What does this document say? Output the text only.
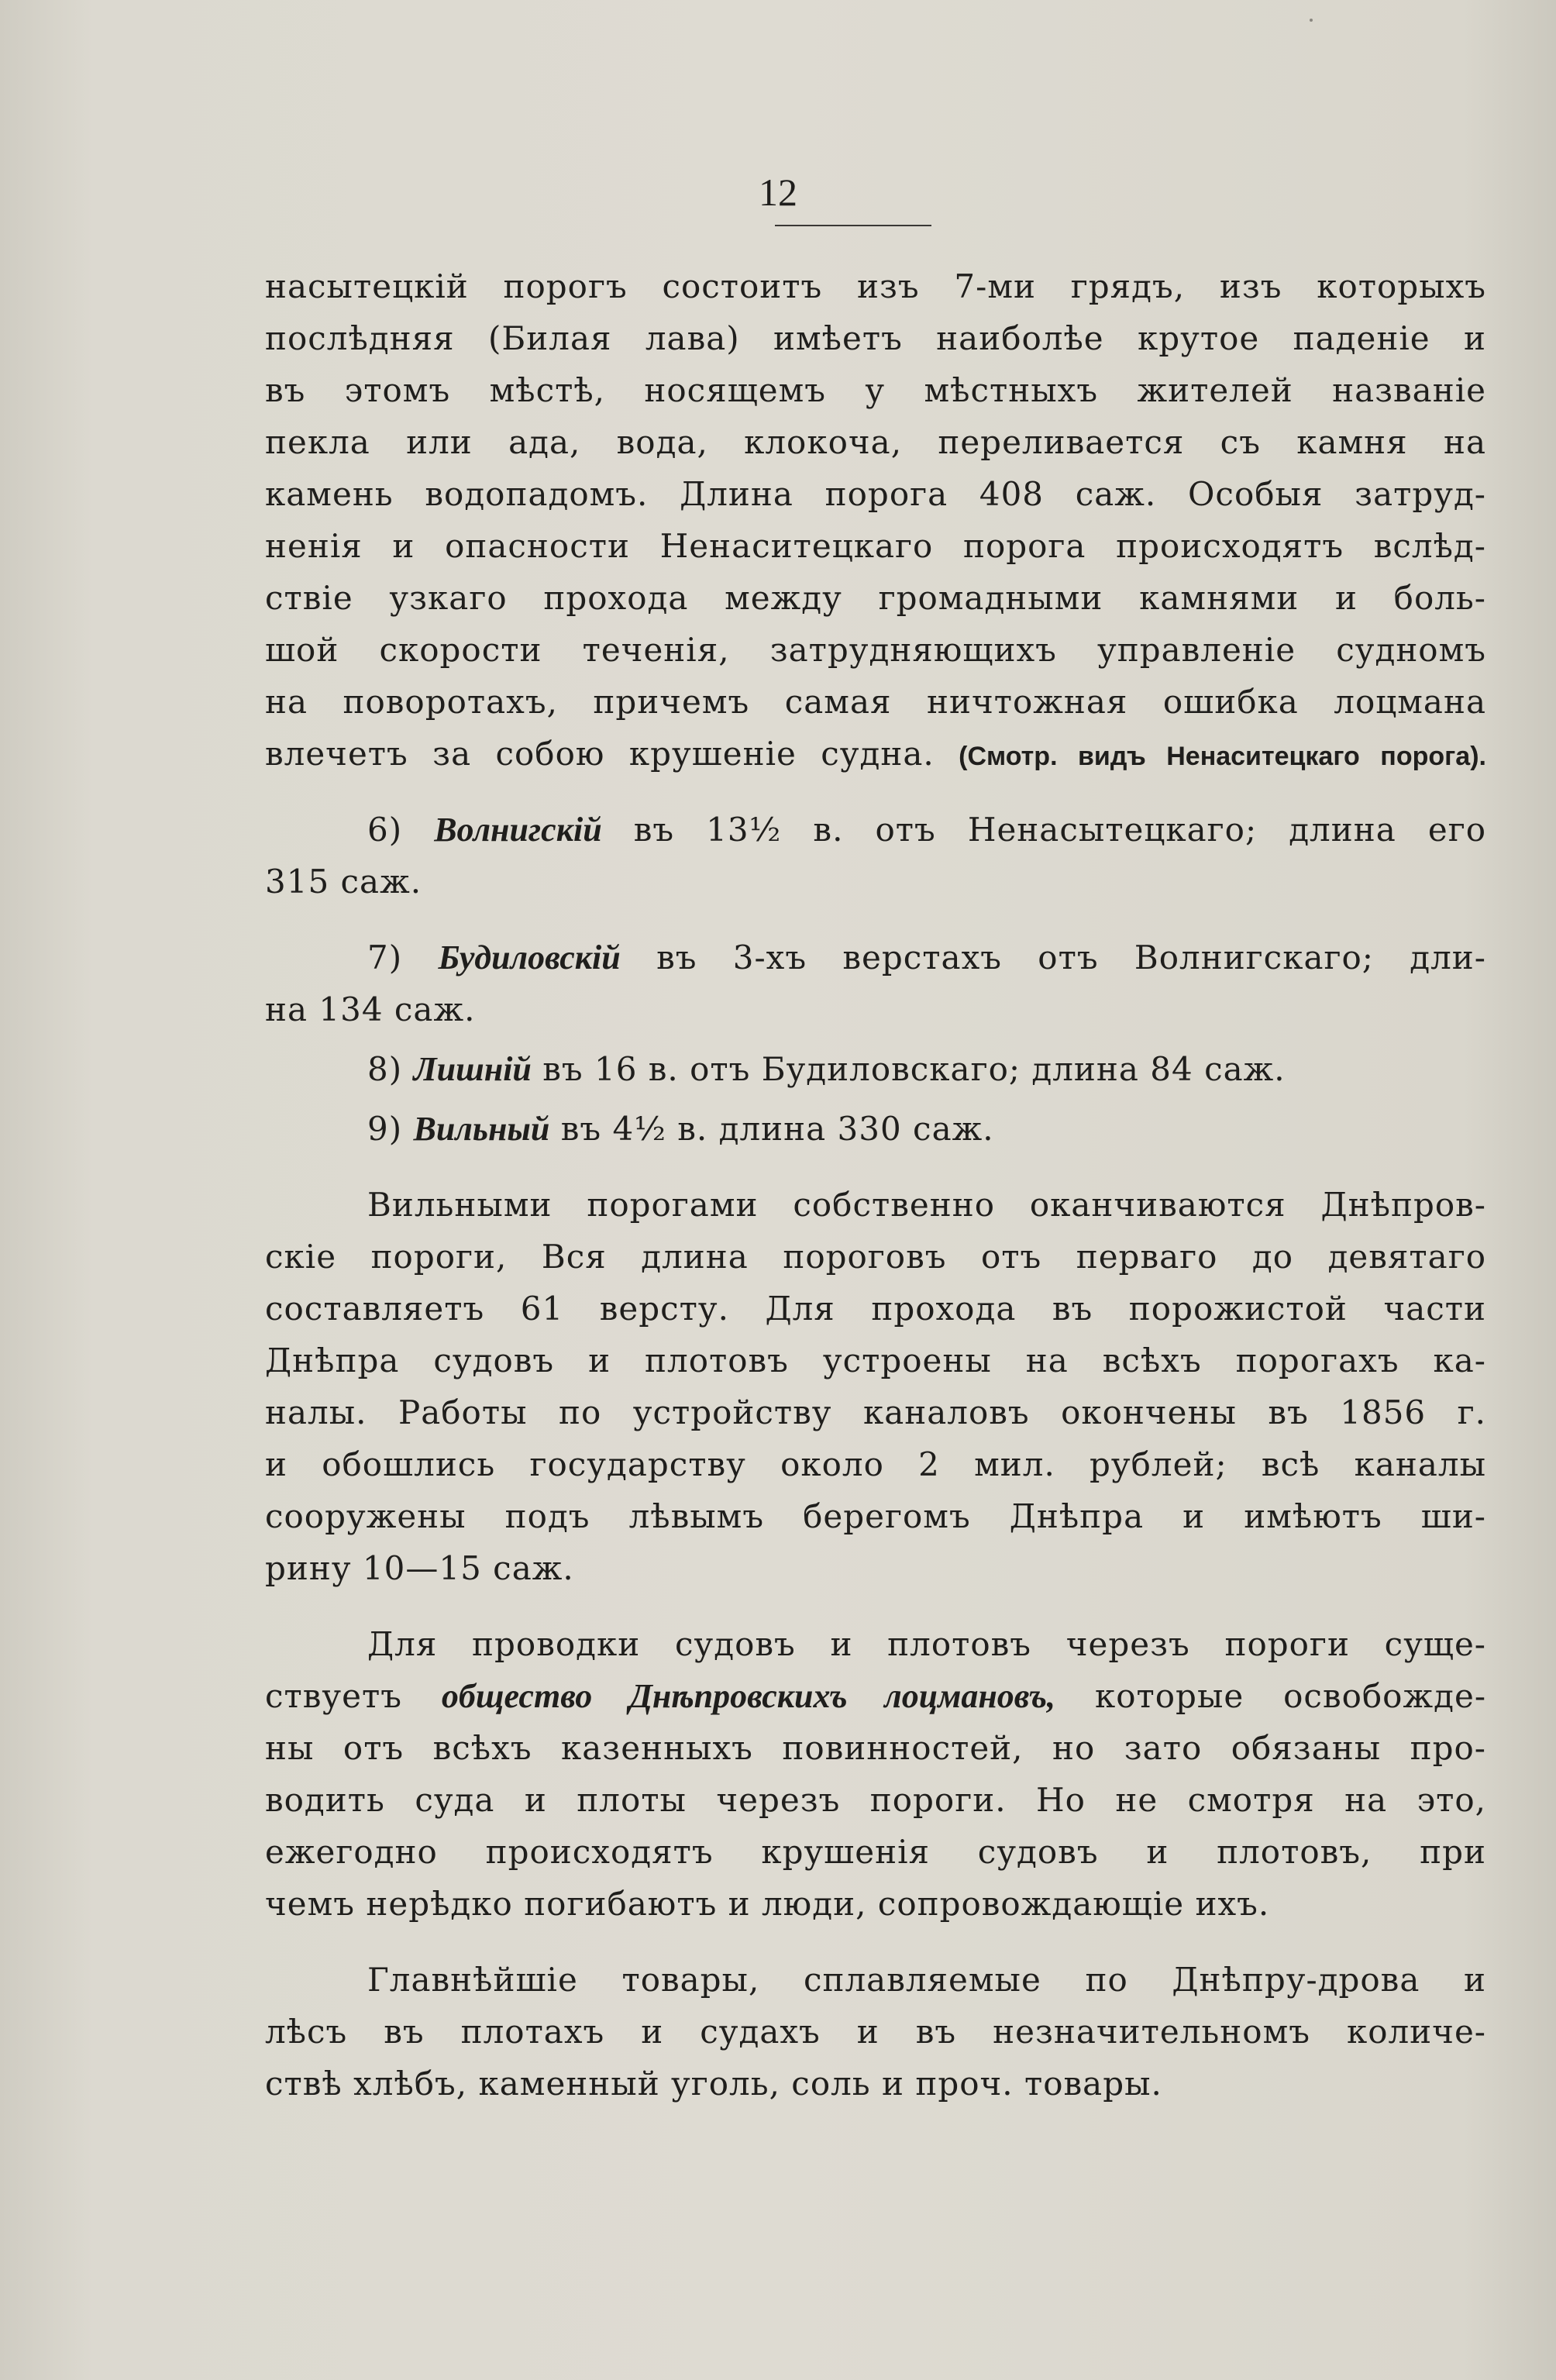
12
насытецкій порогъ состоитъ изъ 7-ми грядъ, изъ которыхъ
послѣдняя (Билая лава) имѣетъ наиболѣе крутое паденіе и
въ этомъ мѣстѣ, носящемъ у мѣстныхъ жителей названіе
пекла или ада, вода, клокоча, переливается съ камня на
камень водопадомъ. Длина порога 408 саж. Особыя затруд-
ненія и опасности Ненаситецкаго порога происходятъ вслѣд-
ствіе узкаго прохода между громадными камнями и боль-
шой скорости теченія, затрудняющихъ управленіе судномъ
на поворотахъ, причемъ самая ничтожная ошибка лоцмана
влечетъ за собою крушеніе судна. (Смотр. видъ Ненаситецкаго порога).
6) Волнигскій въ 13½ в. отъ Ненасытецкаго; длина его
315 саж.
7) Будиловскій въ 3-хъ верстахъ отъ Волнигскаго; дли-
на 134 саж.
8) Лишній въ 16 в. отъ Будиловскаго; длина 84 саж.
9) Вильный въ 4½ в. длина 330 саж.
Вильными порогами собственно оканчиваются Днѣпров-
скіе пороги, Вся длина пороговъ отъ перваго до девятаго
составляетъ 61 версту. Для прохода въ порожистой части
Днѣпра судовъ и плотовъ устроены на всѣхъ порогахъ ка-
налы. Работы по устройству каналовъ окончены въ 1856 г.
и обошлись государству около 2 мил. рублей; всѣ каналы
сооружены подъ лѣвымъ берегомъ Днѣпра и имѣютъ ши-
рину 10—15 саж.
Для проводки судовъ и плотовъ черезъ пороги суще-
ствуетъ общество Днѣпровскихъ лоцмановъ, которые освобожде-
ны отъ всѣхъ казенныхъ повинностей, но зато обязаны про-
водить суда и плоты черезъ пороги. Но не смотря на это,
ежегодно происходятъ крушенія судовъ и плотовъ, при
чемъ нерѣдко погибаютъ и люди, сопровождающіе ихъ.
Главнѣйшіе товары, сплавляемые по Днѣпру-дрова и
лѣсъ въ плотахъ и судахъ и въ незначительномъ количе-
ствѣ хлѣбъ, каменный уголь, соль и проч. товары.
